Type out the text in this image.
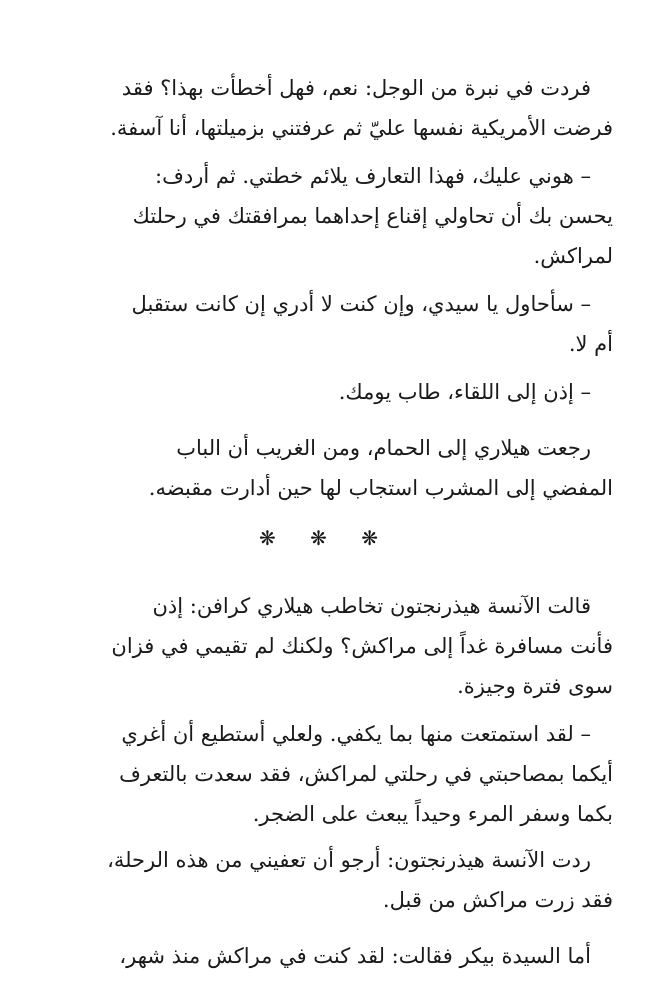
فردت في نبرة من الوجل: نعم، فهل أخطأت بهذا؟ فقد
فرضت الأمريكية نفسها عليّ ثم عرفتني بزميلتها، أنا آسفة.
– هوني عليك، فهذا التعارف يلائم خطتي. ثم أردف:
يحسن بك أن تحاولي إقناع إحداهما بمرافقتك في رحلتك
لمراكش.
– سأحاول يا سيدي، وإن كنت لا أدري إن كانت ستقبل
أم لا.
– إذن إلى اللقاء، طاب يومك.
رجعت هيلاري إلى الحمام، ومن الغريب أن الباب
المفضي إلى المشرب استجاب لها حين أدارت مقبضه.
❋ ❋ ❋
قالت الآنسة هيذرنجتون تخاطب هيلاري كرافن: إذن
فأنت مسافرة غداً إلى مراكش؟ ولكنك لم تقيمي في فزان
سوى فترة وجيزة.
– لقد استمتعت منها بما يكفي. ولعلي أستطيع أن أغري
أيكما بمصاحبتي في رحلتي لمراكش، فقد سعدت بالتعرف
بكما وسفر المرء وحيداً يبعث على الضجر.
ردت الآنسة هيذرنجتون: أرجو أن تعفيني من هذه الرحلة،
فقد زرت مراكش من قبل.
أما السيدة بيكر فقالت: لقد كنت في مراكش منذ شهر،
